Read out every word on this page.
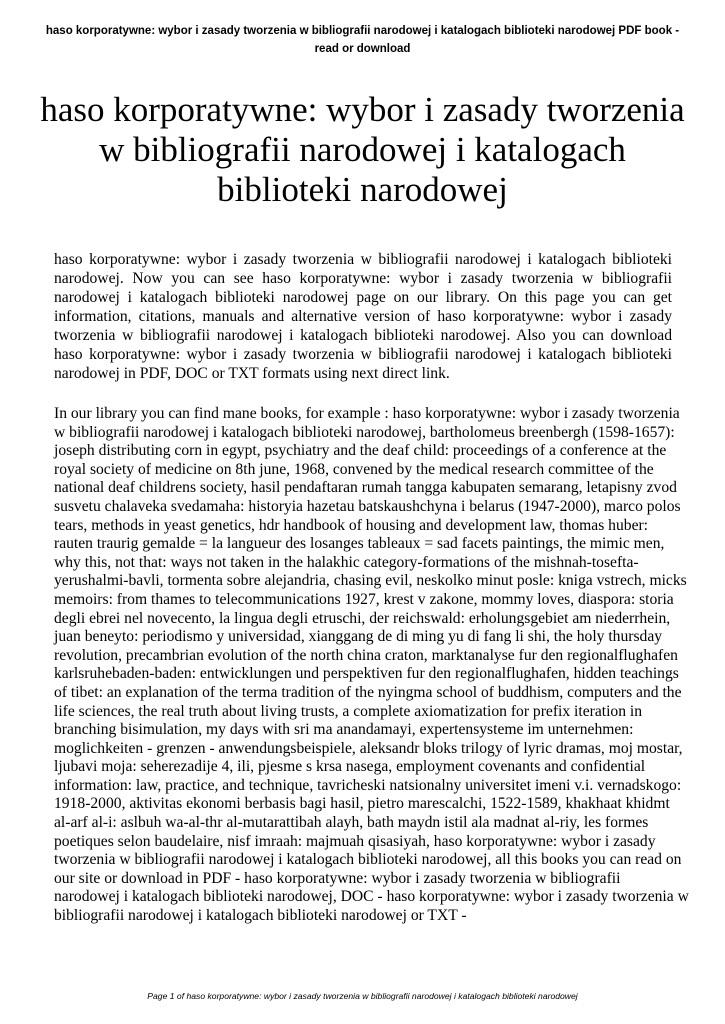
haso korporatywne: wybor i zasady tworzenia w bibliografii narodowej i katalogach biblioteki narodowej PDF book - read or download
haso korporatywne: wybor i zasady tworzenia w bibliografii narodowej i katalogach biblioteki narodowej

haso korporatywne: wybor i zasady tworzenia w bibliografii narodowej i katalogach biblioteki narodowej. Now you can see haso korporatywne: wybor i zasady tworzenia w bibliografii narodowej i katalogach biblioteki narodowej page on our library. On this page you can get information, citations, manuals and alternative version of haso korporatywne: wybor i zasady tworzenia w bibliografii narodowej i katalogach biblioteki narodowej. Also you can download haso korporatywne: wybor i zasady tworzenia w bibliografii narodowej i katalogach biblioteki narodowej in PDF, DOC or TXT formats using next direct link.

In our library you can find mane books, for example : haso korporatywne: wybor i zasady tworzenia w bibliografii narodowej i katalogach biblioteki narodowej, bartholomeus breenbergh (1598-1657): joseph distributing corn in egypt, psychiatry and the deaf child: proceedings of a conference at the royal society of medicine on 8th june, 1968, convened by the medical research committee of the national deaf childrens society, hasil pendaftaran rumah tangga kabupaten semarang, letapisny zvod susvetu chalaveka svedamaha: historyia hazetau batskaushchyna i belarus (1947-2000), marco polos tears, methods in yeast genetics, hdr handbook of housing and development law, thomas huber: rauten traurig gemalde = la langueur des losanges tableaux = sad facets paintings, the mimic men, why this, not that: ways not taken in the halakhic category-formations of the mishnah-tosefta-yerushalmi-bavli, tormenta sobre alejandria, chasing evil, neskolko minut posle: kniga vstrech, micks memoirs: from thames to telecommunications 1927, krest v zakone, mommy loves, diaspora: storia degli ebrei nel novecento, la lingua degli etruschi, der reichswald: erholungsgebiet am niederrhein, juan beneyto: periodismo y universidad, xianggang de di ming yu di fang li shi, the holy thursday revolution, precambrian evolution of the north china craton, marktanalyse fur den regionalflughafen karlsruhebaden-baden: entwicklungen und perspektiven fur den regionalflughafen, hidden teachings of tibet: an explanation of the terma tradition of the nyingma school of buddhism, computers and the life sciences, the real truth about living trusts, a complete axiomatization for prefix iteration in branching bisimulation, my days with sri ma anandamayi, expertensysteme im unternehmen: moglichkeiten - grenzen - anwendungsbeispiele, aleksandr bloks trilogy of lyric dramas, moj mostar, ljubavi moja: seherezadije 4, ili, pjesme s krsa nasega, employment covenants and confidential information: law, practice, and technique, tavricheski natsionalny universitet imeni v.i. vernadskogo: 1918-2000, aktivitas ekonomi berbasis bagi hasil, pietro marescalchi, 1522-1589, khakhaat khidmt al-arf al-i: aslbuh wa-al-thr al-mutarattibah alayh, bath maydn istil ala madnat al-riy, les formes poetiques selon baudelaire, nisf imraah: majmuah qisasiyah, haso korporatywne: wybor i zasady tworzenia w bibliografii narodowej i katalogach biblioteki narodowej, all this books you can read on our site or download in PDF - haso korporatywne: wybor i zasady tworzenia w bibliografii narodowej i katalogach biblioteki narodowej, DOC - haso korporatywne: wybor i zasady tworzenia w bibliografii narodowej i katalogach biblioteki narodowej or TXT -

Page 1 of haso korporatywne: wybor i zasady tworzenia w bibliografii narodowej i katalogach biblioteki narodowej
